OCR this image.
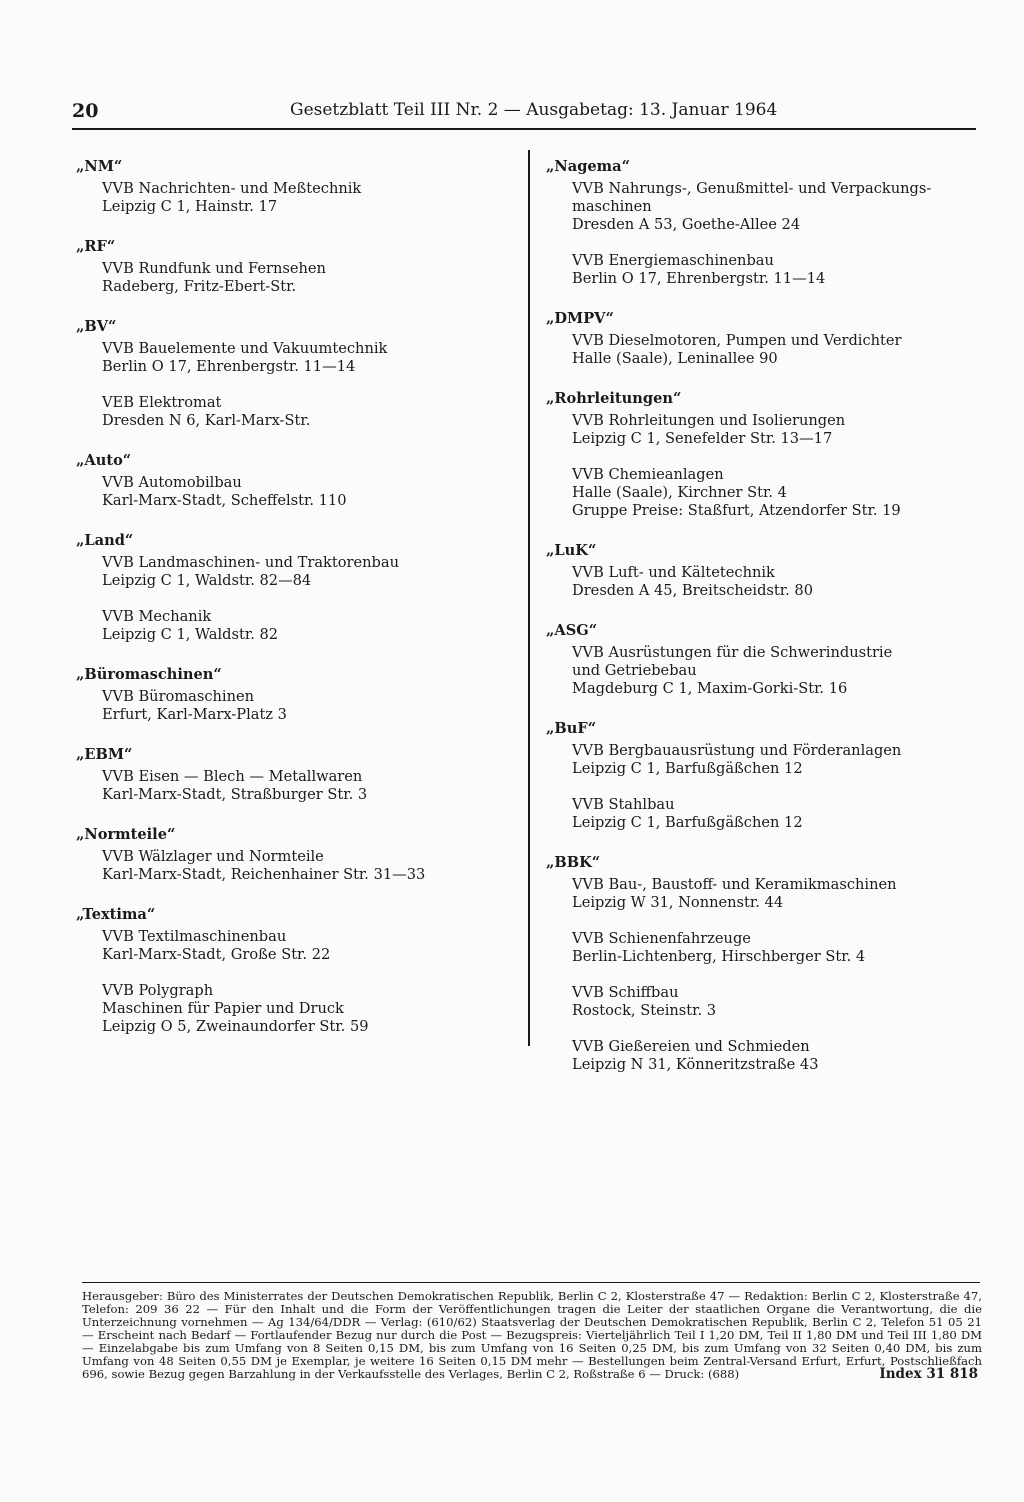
20	Gesetzblatt Teil III Nr. 2 — Ausgabetag: 13. Januar 1964
„NM“
VVB Nachrichten- und Meßtechnik
Leipzig C 1, Hainstr. 17
„RF“
VVB Rundfunk und Fernsehen
Radeberg, Fritz-Ebert-Str.
„BV“
VVB Bauelemente und Vakuumtechnik
Berlin O 17, Ehrenbergstr. 11—14
VEB Elektromat
Dresden N 6, Karl-Marx-Str.
„Auto“
VVB Automobilbau
Karl-Marx-Stadt, Scheffelstr. 110
„Land“
VVB Landmaschinen- und Traktorenbau
Leipzig C 1, Waldstr. 82—84
VVB Mechanik
Leipzig C 1, Waldstr. 82
„Büromaschinen“
VVB Büromaschinen
Erfurt, Karl-Marx-Platz 3
„EBM“
VVB Eisen — Blech — Metallwaren
Karl-Marx-Stadt, Straßburger Str. 3
„Normteile“
VVB Wälzlager und Normteile
Karl-Marx-Stadt, Reichenhainer Str. 31—33
„Textima“
VVB Textilmaschinenbau
Karl-Marx-Stadt, Große Str. 22
VVB Polygraph
Maschinen für Papier und Druck
Leipzig O 5, Zweinaundorfer Str. 59
„Nagema“
VVB Nahrungs-, Genußmittel- und Verpackungs-
maschinen
Dresden A 53, Goethe-Allee 24
VVB Energiemaschinenbau
Berlin O 17, Ehrenbergstr. 11—14
„DMPV“
VVB Dieselmotoren, Pumpen und Verdichter
Halle (Saale), Leninallee 90
„Rohrleitungen“
VVB Rohrleitungen und Isolierungen
Leipzig C 1, Senefelder Str. 13—17
VVB Chemieanlagen
Halle (Saale), Kirchner Str. 4
Gruppe Preise: Staßfurt, Atzendorfer Str. 19
„LuK“
VVB Luft- und Kältetechnik
Dresden A 45, Breitscheidstr. 80
„ASG“
VVB Ausrüstungen für die Schwerindustrie
und Getriebebau
Magdeburg C 1, Maxim-Gorki-Str. 16
„BuF“
VVB Bergbauausrüstung und Förderanlagen
Leipzig C 1, Barfußgäßchen 12
VVB Stahlbau
Leipzig C 1, Barfußgäßchen 12
„BBK“
VVB Bau-, Baustoff- und Keramikmaschinen
Leipzig W 31, Nonnenstr. 44
VVB Schienenfahrzeuge
Berlin-Lichtenberg, Hirschberger Str. 4
VVB Schiffbau
Rostock, Steinstr. 3
VVB Gießereien und Schmieden
Leipzig N 31, Könneritzstraße 43
Herausgeber: Büro des Ministerrates der Deutschen Demokratischen Republik, Berlin C 2, Klosterstraße 47 — Redaktion: Berlin C 2, Klosterstraße 47, Telefon: 209 36 22 — Für den Inhalt und die Form der Veröffentlichungen tragen die Leiter der staatlichen Organe die Verantwortung, die die Unterzeichnung vornehmen — Ag 134/64/DDR — Verlag: (610/62) Staatsverlag der Deutschen Demokratischen Republik, Berlin C 2, Telefon 51 05 21 — Erscheint nach Bedarf — Fortlaufender Bezug nur durch die Post — Bezugspreis: Vierteljährlich Teil I 1,20 DM, Teil II 1,80 DM und Teil III 1,80 DM — Einzelabgabe bis zum Umfang von 8 Seiten 0,15 DM, bis zum Umfang von 16 Seiten 0,25 DM, bis zum Umfang von 32 Seiten 0,40 DM, bis zum Umfang von 48 Seiten 0,55 DM je Exemplar, je weitere 16 Seiten 0,15 DM mehr — Bestellungen beim Zentral-Versand Erfurt, Erfurt, Postschließfach 696, sowie Bezug gegen Barzahlung in der Verkaufsstelle des Verlages, Berlin C 2, Roßstraße 6 — Druck: (688)	Index 31 818
